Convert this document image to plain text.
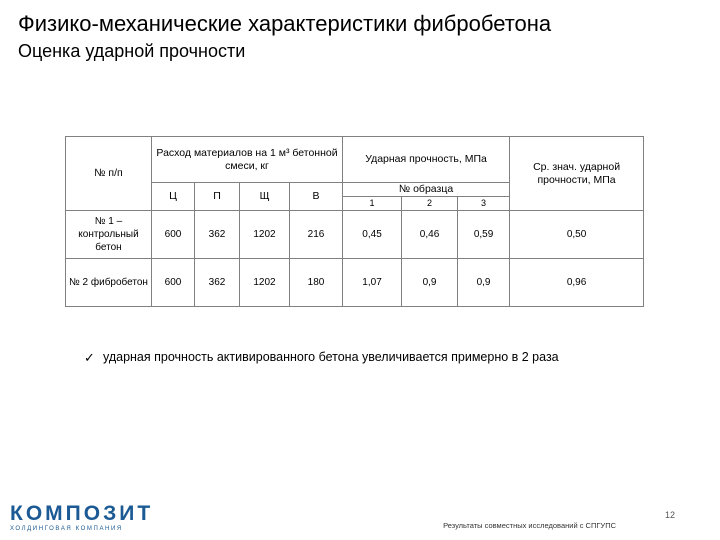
Физико-механические характеристики фибробетона
Оценка ударной прочности
№ п/п	Расход материалов на 1 м³ бетонной смеси, кг				Ударная прочность, МПа			Ср. знач. ударной прочности, МПа
	Ц	П	Щ	В	№ образца			
					1	2	3	
№ 1 – контрольный бетон	600	362	1202	216	0,45	0,46	0,59	0,50
№ 2 фибробетон	600	362	1202	180	1,07	0,9	0,9	0,96
✓ ударная прочность активированного бетона увеличивается примерно в 2 раза
КОМПОЗИТ
ХОЛДИНГОВАЯ КОМПАНИЯ	Результаты совместных исследований с СПГУПС
12
